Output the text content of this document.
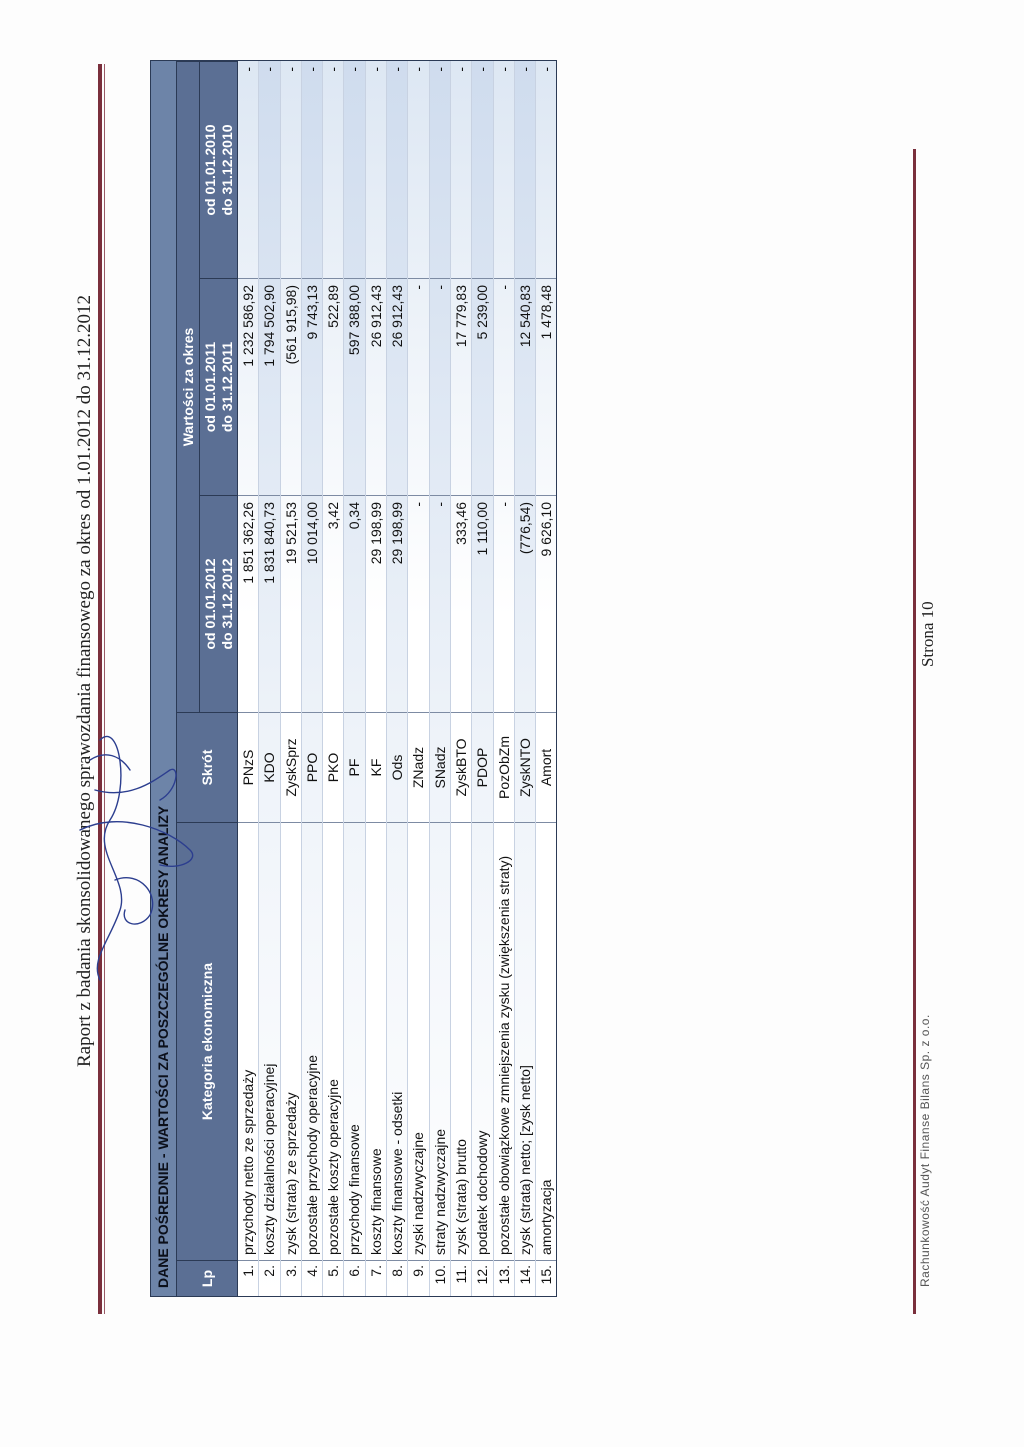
Raport z badania skonsolidowanego sprawozdania finansowego za okres od 1.01.2012 do 31.12.2012	DANE POŚREDNIE - WARTOŚCI ZA POSZCZEGÓLNE OKRESY ANALIZY	Lp
Kategoria ekonomiczna
Skrót
Wartości za okres
od 01.01.2012 do 31.12.2012
od 01.01.2011 do 31.12.2011
od 01.01.2010 do 31.12.2010
1.
przychody netto ze sprzedaży
PNzS
1 851 362,26
1 232 586,92
-
2.
koszty działalności operacyjnej
KDO
1 831 840,73
1 794 502,90
-
3.
zysk (strata) ze sprzedaży
ZyskSprz
19 521,53
(561 915,98)
-
4.
pozostałe przychody operacyjne
PPO
10 014,00
9 743,13
-
5.
pozostałe koszty operacyjne
PKO
3,42
522,89
-
6.
przychody finansowe
PF
0,34
597 388,00
-
7.
koszty finansowe
KF
29 198,99
26 912,43
-
8.
koszty finansowe - odsetki
Ods
29 198,99
26 912,43
-
9.
zyski nadzwyczajne
ZNadz
-
-
-
10.
straty nadzwyczajne
SNadz
-
-
-
11.
zysk (strata) brutto
ZyskBTO
333,46
17 779,83
-
12.
podatek dochodowy
PDOP
1 110,00
5 239,00
-
13.
pozostałe obowiązkowe zmniejszenia zysku (zwiększenia straty)
PozObZm
-
-
-
14.
zysk (strata) netto; [zysk netto]
ZyskNTO
(776,54)
12 540,83
-
15.
amortyzacja
Amort
9 626,10
1 478,48
-
Rachunkowość Audyt Finanse Bilans Sp. z o.o.
Strona 10
